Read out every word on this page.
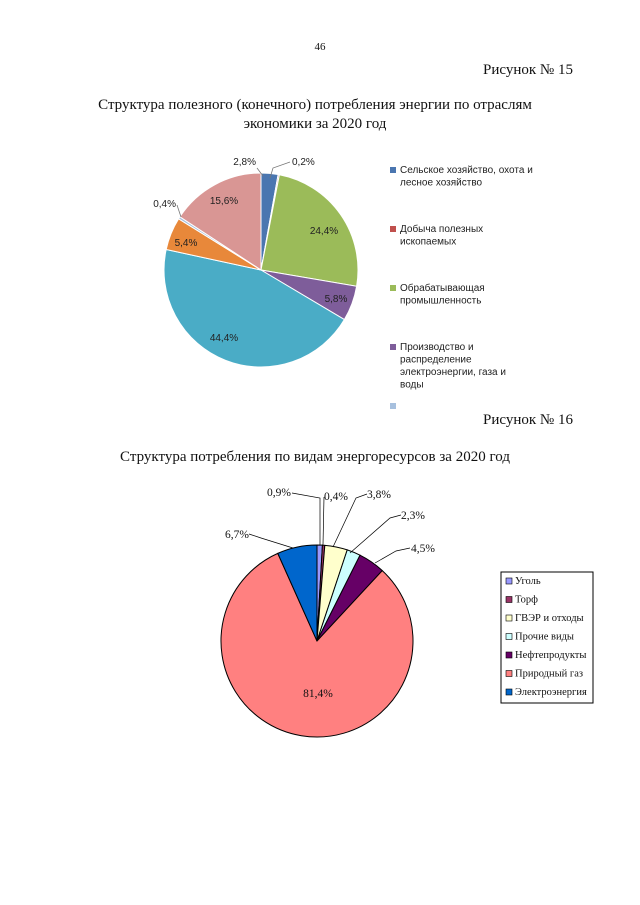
46
Рисунок № 15
Структура полезного (конечного) потребления энергии по отраслям экономики за 2020 год
Рисунок № 16
Структура потребления по видам энергоресурсов за 2020 год
2,8%	0,2%
24,4%
5,8%
44,4%
5,4%
0,4%	15,6%
Сельское хозяйство, охота и лесное хозяйство
Добыча полезных ископаемых
Обрабатывающая промышленность
Производство и распределение электроэнергии, газа и воды
0,9%	0,4% 3,8%
2,3%
4,5%
81,4%
6,7%
Уголь
Торф
ГВЭР и отходы
Прочие виды
Нефтепродукты
Природный газ
Электроэнергия
